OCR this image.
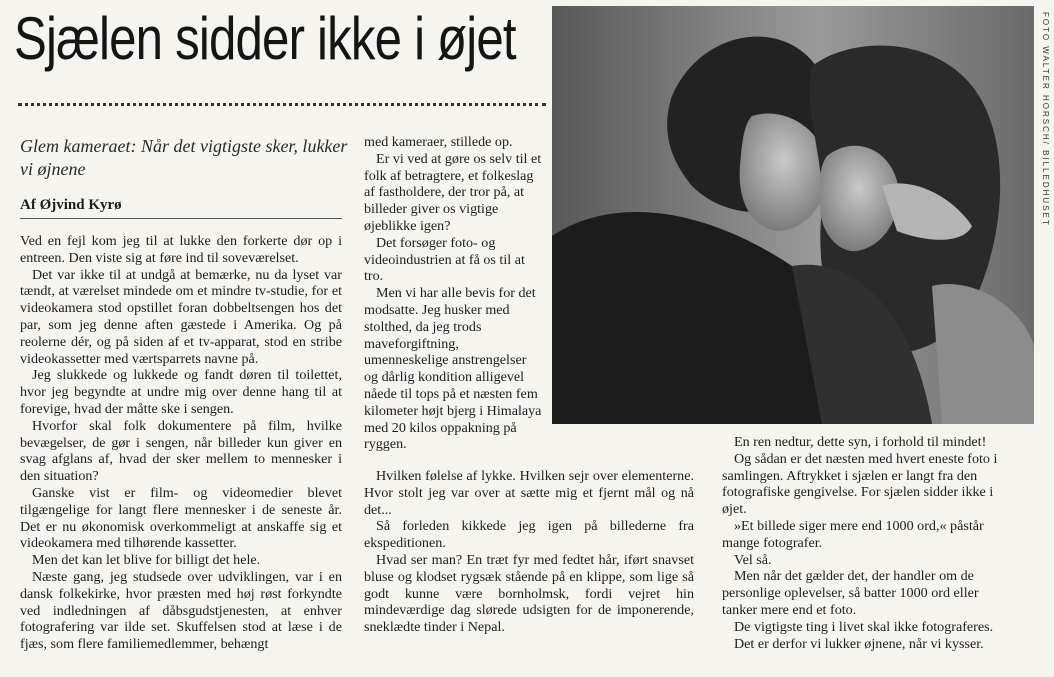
Sjælen sidder ikke i øjet
Glem kameraet: Når det vigtigste sker, lukker vi øjnene
Af Øjvind Kyrø

Ved en fejl kom jeg til at lukke den forkerte dør op i entreen. Den viste sig at føre ind til soveværelset.

Det var ikke til at undgå at bemærke, nu da lyset var tændt, at værelset mindede om et mindre tv-studie, for et videokamera stod opstillet foran dobbeltsengen hos det par, som jeg denne aften gæstede i Amerika. Og på reolerne dér, og på siden af et tv-apparat, stod en stribe videokassetter med værtsparrets navne på.

Jeg slukkede og lukkede og fandt døren til toilettet, hvor jeg begyndte at undre mig over denne hang til at forevige, hvad der måtte ske i sengen.

Hvorfor skal folk dokumentere på film, hvilke bevægelser, de gør i sengen, når billeder kun giver en svag afglans af, hvad der sker mellem to mennesker i den situation?

Ganske vist er film- og videomedier blevet tilgængelige for langt flere mennesker i de seneste år. Det er nu økonomisk overkommeligt at anskaffe sig et videokamera med tilhørende kassetter.

Men det kan let blive for billigt det hele.

Næste gang, jeg studsede over udviklingen, var i en dansk folkekirke, hvor præsten med høj røst forkyndte ved indledningen af dåbsgudstjenesten, at enhver fotografering var ilde set. Skuffelsen stod at læse i de fjæs, som flere familiemedlemmer, behængt

med kameraer, stillede op.

Er vi ved at gøre os selv til et folk af betragtere, et folkeslag af fastholdere, der tror på, at billeder giver os vigtige øjeblikke igen?

Det forsøger foto- og videoindustrien at få os til at tro.

Men vi har alle bevis for det modsatte. Jeg husker med stolthed, da jeg trods maveforgiftning, umenneskelige anstrengelser og dårlig kondition alligevel nåede til tops på et næsten fem kilometer højt bjerg i Himalaya med 20 kilos oppakning på ryggen.

Hvilken følelse af lykke. Hvilken sejr over elementerne. Hvor stolt jeg var over at sætte mig et fjernt mål og nå det...

Så forleden kikkede jeg igen på billederne fra ekspeditionen.

Hvad ser man? En træt fyr med fedtet hår, iført snavset bluse og klodset rygsæk stående på en klippe, som lige så godt kunne være bornholmsk, fordi vejret hin mindeværdige dag slørede udsigten for de imponerende, sneklædte tinder i Nepal.

En ren nedtur, dette syn, i forhold til mindet!

Og sådan er det næsten med hvert eneste foto i samlingen. Aftrykket i sjælen er langt fra den fotografiske gengivelse. For sjælen sidder ikke i øjet.

»Et billede siger mere end 1000 ord,« påstår mange fotografer.

Vel så.

Men når det gælder det, der handler om de personlige oplevelser, så batter 1000 ord eller tanker mere end et foto.

De vigtigste ting i livet skal ikke fotograferes.

Det er derfor vi lukker øjnene, når vi kysser.

FOTO WALTER HORSCH/ BILLEDHUSET
